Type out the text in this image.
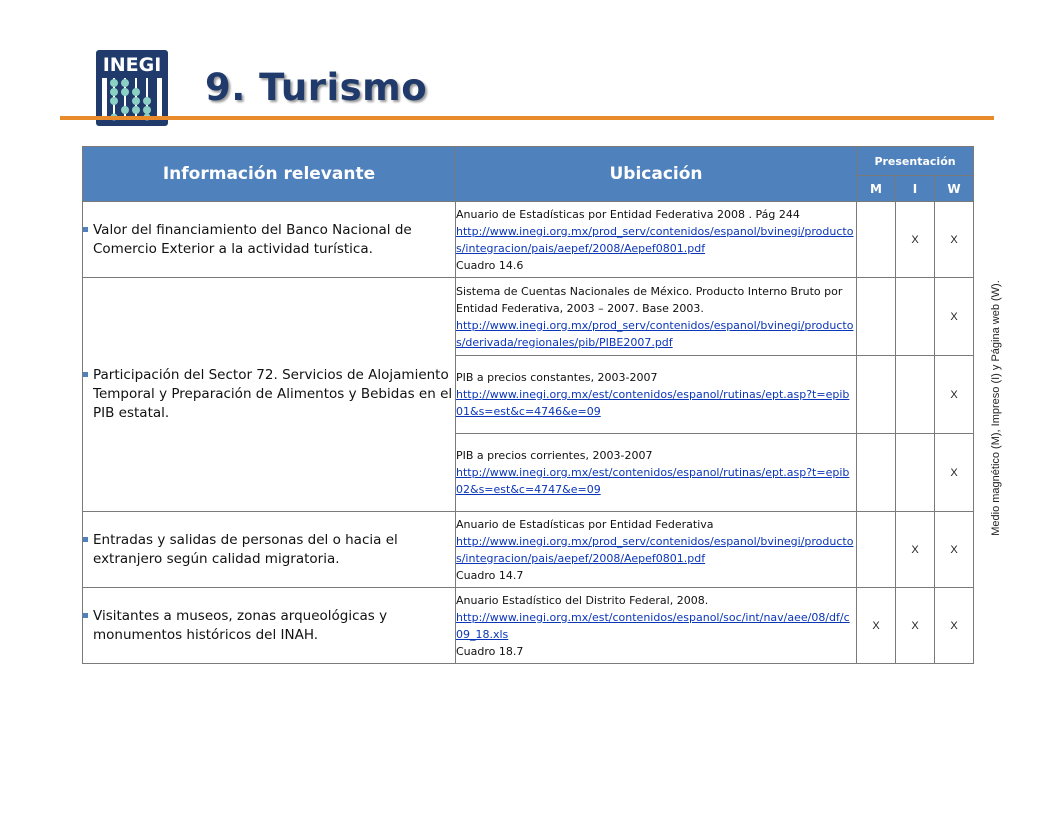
INEGI
9. Turismo
Información relevante	Ubicación	Presentación		
		M	I	W

Valor del financiamiento del Banco Nacional de Comercio Exterior a la actividad turística.	Anuario de Estadísticas por Entidad Federativa 2008 . Pág 244
http://www.inegi.org.mx/prod_serv/contenidos/espanol/bvinegi/productos/integracion/pais/aepef/2008/Aepef0801.pdf
Cuadro 14.6		X	X

Participación del Sector 72. Servicios de Alojamiento Temporal y Preparación de Alimentos y Bebidas en el PIB estatal.	Sistema de Cuentas Nacionales de México. Producto Interno Bruto por Entidad Federativa, 2003 – 2007. Base 2003.
http://www.inegi.org.mx/prod_serv/contenidos/espanol/bvinegi/productos/derivada/regionales/pib/PIBE2007.pdf			X

	PIB a precios constantes, 2003-2007
http://www.inegi.org.mx/est/contenidos/espanol/rutinas/ept.asp?t=epib01&s=est&c=4746&e=09			X

	PIB a precios corrientes, 2003-2007
http://www.inegi.org.mx/est/contenidos/espanol/rutinas/ept.asp?t=epib02&s=est&c=4747&e=09			X

Entradas y salidas de personas del o hacia el extranjero según calidad migratoria.	Anuario de Estadísticas por Entidad Federativa
http://www.inegi.org.mx/prod_serv/contenidos/espanol/bvinegi/productos/integracion/pais/aepef/2008/Aepef0801.pdf
Cuadro 14.7		X	X

Visitantes a museos, zonas arqueológicas y monumentos históricos del INAH.	Anuario Estadístico del Distrito Federal, 2008.
http://www.inegi.org.mx/est/contenidos/espanol/soc/int/nav/aee/08/df/c09_18.xls
Cuadro 18.7	X	X	X
Medio magnético (M), Impreso (I) y Página web (W).
